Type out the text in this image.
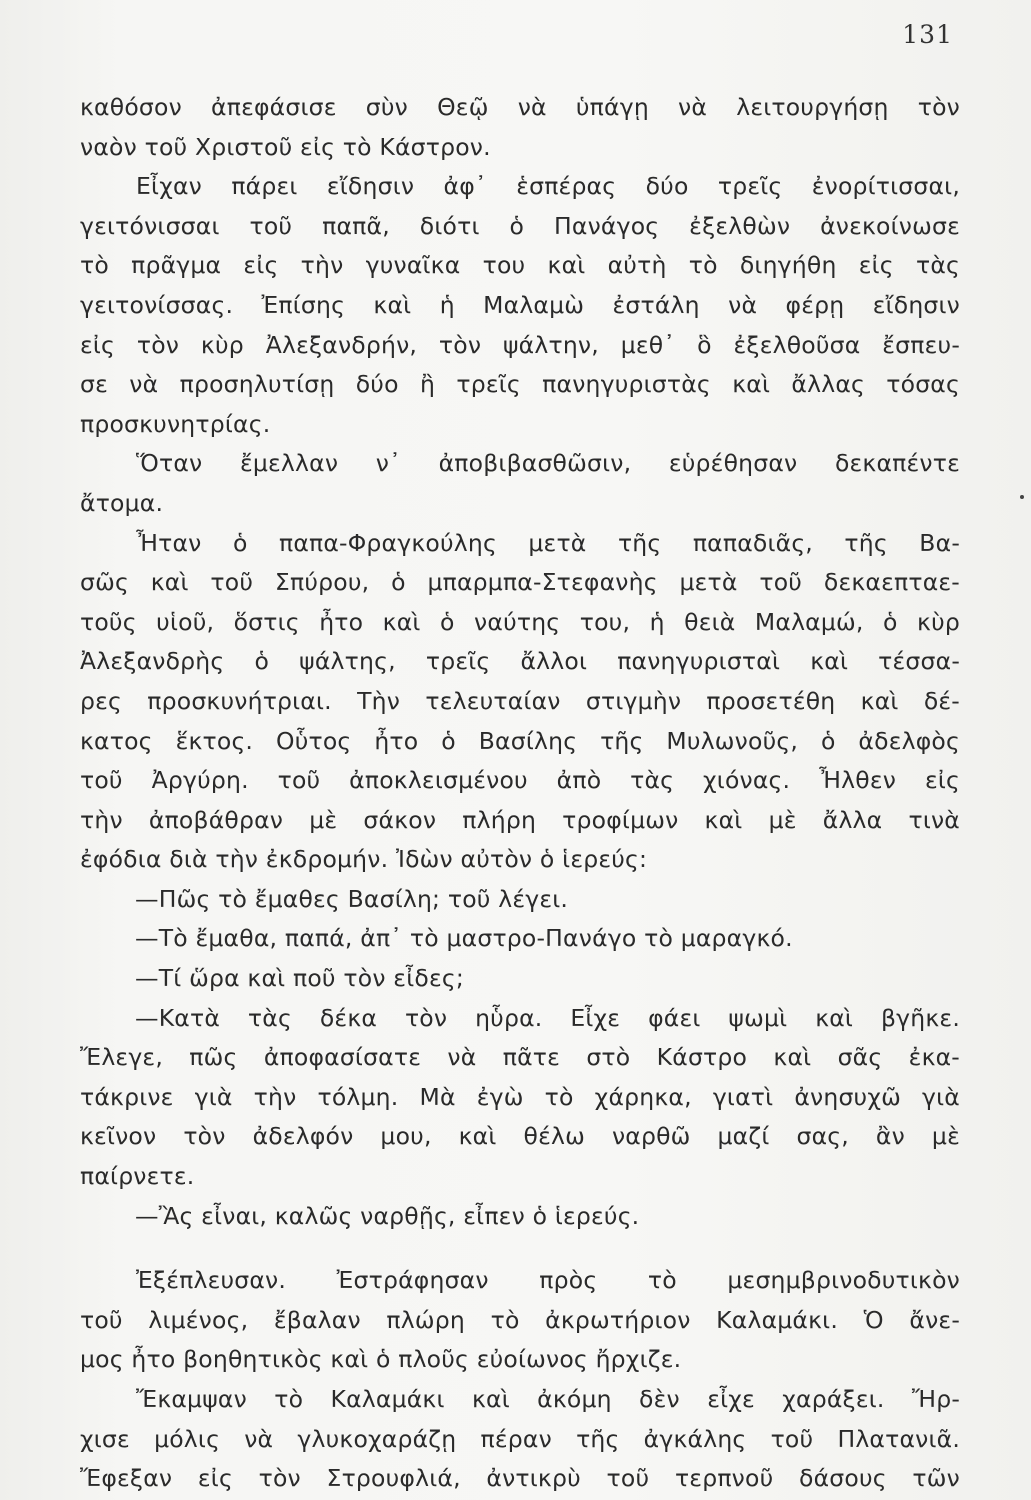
131
καθόσον ἀπεφάσισε σὺν Θεῷ νὰ ὑπάγῃ νὰ λειτουργήσῃ τὸν
ναὸν τοῦ Χριστοῦ εἰς τὸ Κάστρον.
Εἶχαν πάρει εἴδησιν ἀφ᾽ ἑσπέρας δύο τρεῖς ἐνορίτισσαι,
γειτόνισσαι τοῦ παπᾶ, διότι ὁ Πανάγος ἐξελθὼν ἀνεκοίνωσε
τὸ πρᾶγμα εἰς τὴν γυναῖκα του καὶ αὐτὴ τὸ διηγήθη εἰς τὰς
γειτονίσσας. Ἐπίσης καὶ ἡ Μαλαμὼ ἐστάλη νὰ φέρῃ εἴδησιν
εἰς τὸν κὺρ Ἀλεξανδρήν, τὸν ψάλτην, μεθ᾽ ὃ ἐξελθοῦσα ἔσπευ-
σε νὰ προσηλυτίσῃ δύο ἢ τρεῖς πανηγυριστὰς καὶ ἄλλας τόσας
προσκυνητρίας.
Ὅταν ἔμελλαν ν᾽ ἀποβιβασθῶσιν, εὑρέθησαν δεκαπέντε
ἄτομα.
Ἦταν ὁ παπα-Φραγκούλης μετὰ τῆς παπαδιᾶς, τῆς Βα-
σῶς καὶ τοῦ Σπύρου, ὁ μπαρμπα-Στεφανὴς μετὰ τοῦ δεκαεπταε-
τοῦς υἱοῦ, ὅστις ἦτο καὶ ὁ ναύτης του, ἡ θειὰ Μαλαμώ, ὁ κὺρ
Ἀλεξανδρὴς ὁ ψάλτης, τρεῖς ἄλλοι πανηγυρισταὶ καὶ τέσσα-
ρες προσκυνήτριαι. Τὴν τελευταίαν στιγμὴν προσετέθη καὶ δέ-
κατος ἕκτος. Οὗτος ἦτο ὁ Βασίλης τῆς Μυλωνοῦς, ὁ ἀδελφὸς
τοῦ Ἀργύρη. τοῦ ἀποκλεισμένου ἀπὸ τὰς χιόνας. Ἦλθεν εἰς
τὴν ἀποβάθραν μὲ σάκον πλήρη τροφίμων καὶ μὲ ἄλλα τινὰ
ἐφόδια διὰ τὴν ἐκδρομήν. Ἰδὼν αὐτὸν ὁ ἱερεύς:
—Πῶς τὸ ἔμαθες Βασίλη; τοῦ λέγει.
—Τὸ ἔμαθα, παπά, ἀπ᾽ τὸ μαστρο-Πανάγο τὸ μαραγκό.
—Τί ὥρα καὶ ποῦ τὸν εἶδες;
—Κατὰ τὰς δέκα τὸν ηὗρα. Εἶχε φάει ψωμὶ καὶ βγῆκε.
Ἔλεγε, πῶς ἀποφασίσατε νὰ πᾶτε στὸ Κάστρο καὶ σᾶς ἐκα-
τάκρινε γιὰ τὴν τόλμη. Μὰ ἐγὼ τὸ χάρηκα, γιατὶ ἀνησυχῶ γιὰ
κεῖνον τὸν ἀδελφόν μου, καὶ θέλω ναρθῶ μαζί σας, ἂν μὲ
παίρνετε.
—Ἂς εἶναι, καλῶς ναρθῇς, εἶπεν ὁ ἱερεύς.
Ἐξέπλευσαν. Ἐστράφησαν πρὸς τὸ μεσημβρινοδυτικὸν
τοῦ λιμένος, ἔβαλαν πλώρη τὸ ἀκρωτήριον Καλαμάκι. Ὁ ἄνε-
μος ἦτο βοηθητικὸς καὶ ὁ πλοῦς εὐοίωνος ἤρχιζε.
Ἔκαμψαν τὸ Καλαμάκι καὶ ἀκόμη δὲν εἶχε χαράξει. Ἤρ-
χισε μόλις νὰ γλυκοχαράζῃ πέραν τῆς ἀγκάλης τοῦ Πλατανιᾶ.
Ἔφεξαν εἰς τὸν Στρουφλιά, ἀντικρὺ τοῦ τερπνοῦ δάσους τῶν
